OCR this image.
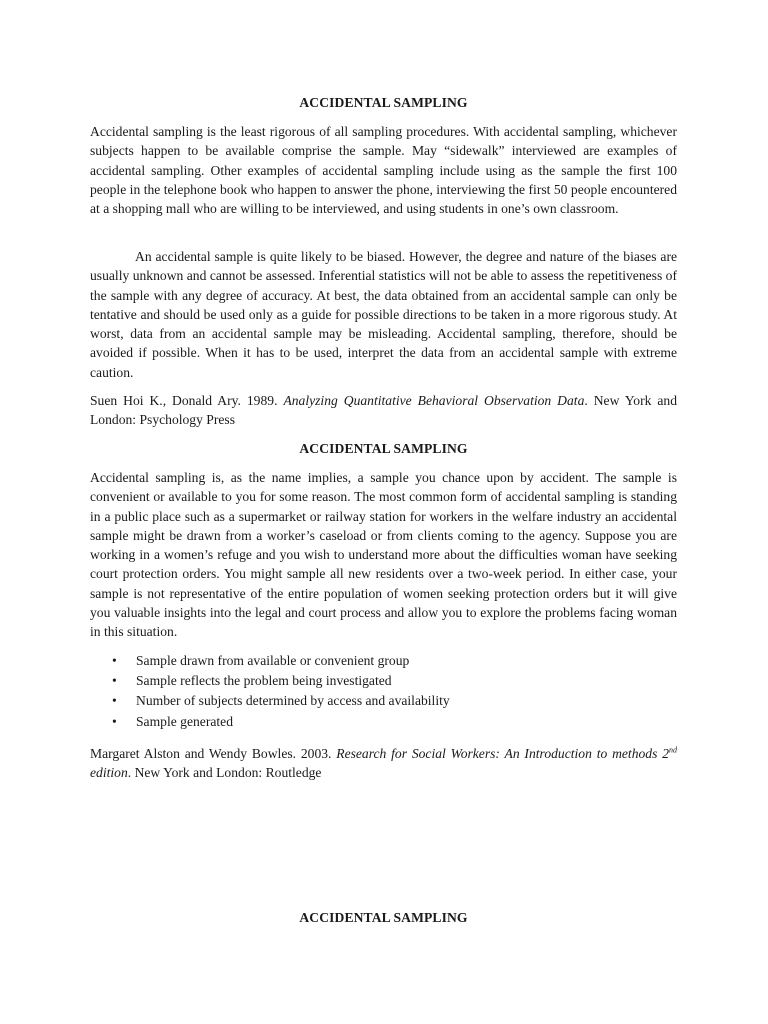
ACCIDENTAL SAMPLING

Accidental sampling is the least rigorous of all sampling procedures. With accidental sampling, whichever subjects happen to be available comprise the sample. May “sidewalk” interviewed are examples of accidental sampling. Other examples of accidental sampling include using as the sample the first 100 people in the telephone book who happen to answer the phone, interviewing the first 50 people encountered at a shopping mall who are willing to be interviewed, and using students in one’s own classroom.

An accidental sample is quite likely to be biased. However, the degree and nature of the biases are usually unknown and cannot be assessed. Inferential statistics will not be able to assess the repetitiveness of the sample with any degree of accuracy. At best, the data obtained from an accidental sample can only be tentative and should be used only as a guide for possible directions to be taken in a more rigorous study. At worst, data from an accidental sample may be misleading. Accidental sampling, therefore, should be avoided if possible. When it has to be used, interpret the data from an accidental sample with extreme caution.

Suen Hoi K., Donald Ary. 1989. Analyzing Quantitative Behavioral Observation Data. New York and London: Psychology Press

ACCIDENTAL SAMPLING

Accidental sampling is, as the name implies, a sample you chance upon by accident. The sample is convenient or available to you for some reason. The most common form of accidental sampling is standing in a public place such as a supermarket or railway station for workers in the welfare industry an accidental sample might be drawn from a worker’s caseload or from clients coming to the agency. Suppose you are working in a women’s refuge and you wish to understand more about the difficulties woman have seeking court protection orders. You might sample all new residents over a two-week period. In either case, your sample is not representative of the entire population of women seeking protection orders but it will give you valuable insights into the legal and court process and allow you to explore the problems facing woman in this situation.

• Sample drawn from available or convenient group
• Sample reflects the problem being investigated
• Number of subjects determined by access and availability
• Sample generated

Margaret Alston and Wendy Bowles. 2003. Research for Social Workers: An Introduction to methods 2nd edition. New York and London: Routledge

ACCIDENTAL SAMPLING
